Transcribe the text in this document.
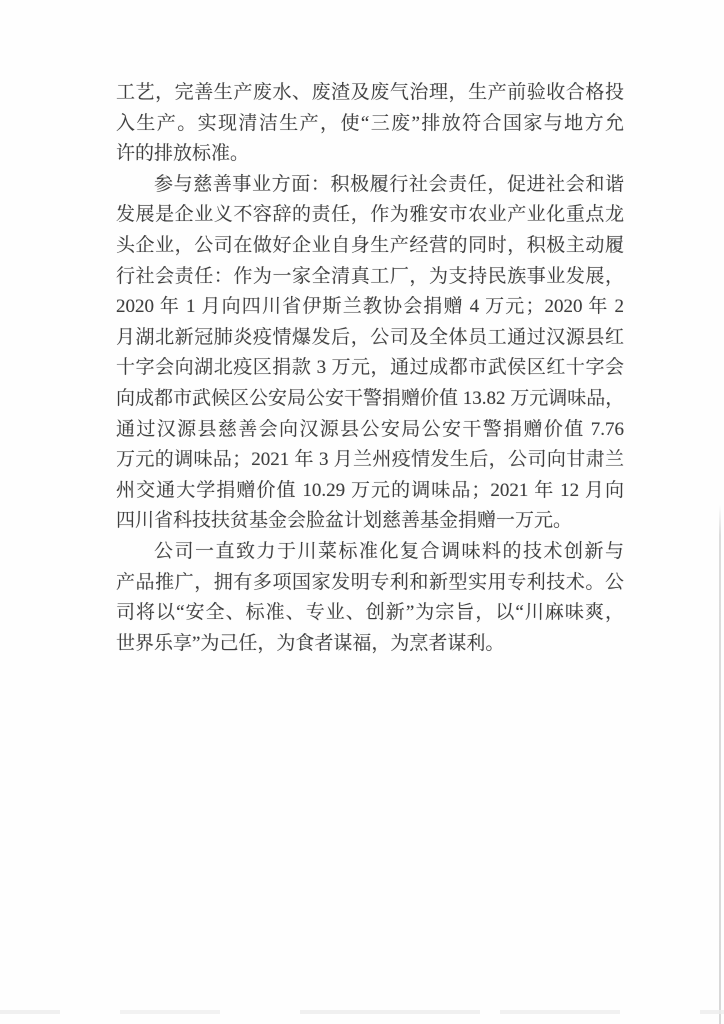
工艺，完善生产废水、废渣及废气治理，生产前验收合格投
入生产。实现清洁生产，使“三废”排放符合国家与地方允
许的排放标准。
参与慈善事业方面：积极履行社会责任，促进社会和谐
发展是企业义不容辞的责任，作为雅安市农业产业化重点龙
头企业，公司在做好企业自身生产经营的同时，积极主动履
行社会责任：作为一家全清真工厂，为支持民族事业发展，
2020 年 1 月向四川省伊斯兰教协会捐赠 4 万元；2020 年 2
月湖北新冠肺炎疫情爆发后，公司及全体员工通过汉源县红
十字会向湖北疫区捐款 3 万元，通过成都市武侯区红十字会
向成都市武候区公安局公安干警捐赠价值 13.82 万元调味品，
通过汉源县慈善会向汉源县公安局公安干警捐赠价值 7.76
万元的调味品；2021 年 3 月兰州疫情发生后，公司向甘肃兰
州交通大学捐赠价值 10.29 万元的调味品；2021 年 12 月向
四川省科技扶贫基金会脸盆计划慈善基金捐赠一万元。
公司一直致力于川菜标准化复合调味料的技术创新与
产品推广，拥有多项国家发明专利和新型实用专利技术。公
司将以“安全、标准、专业、创新”为宗旨，以“川麻味爽，
世界乐享”为己任，为食者谋福，为烹者谋利。
